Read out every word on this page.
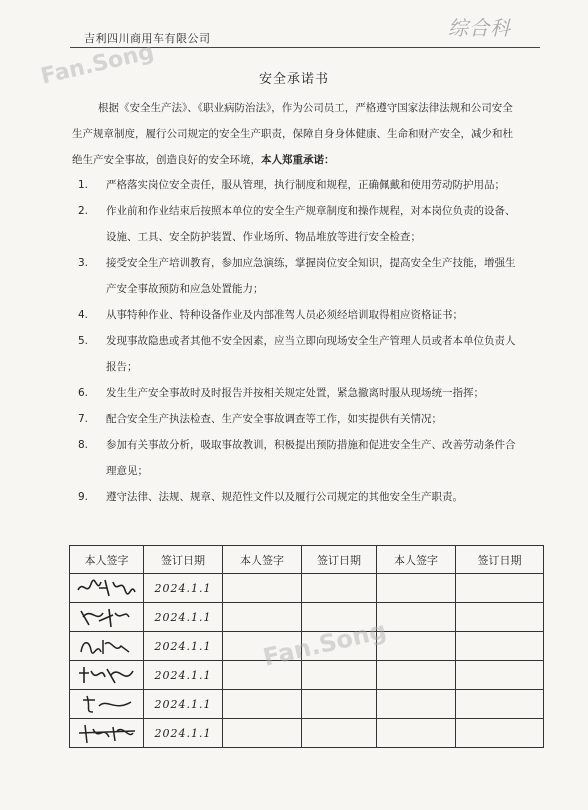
综合科
吉利四川商用车有限公司
Fan.Song	安全承诺书
根据《安全生产法》、《职业病防治法》，作为公司员工，严格遵守国家法律法规和公司安全生产规章制度，履行公司规定的安全生产职责，保障自身身体健康、生命和财产安全，减少和杜绝生产安全事故，创造良好的安全环境，本人郑重承诺：
1.	严格落实岗位安全责任，服从管理，执行制度和规程，正确佩戴和使用劳动防护用品；
2.	作业前和作业结束后按照本单位的安全生产规章制度和操作规程，对本岗位负责的设备、设施、工具、安全防护装置、作业场所、物品堆放等进行安全检查；
3.	接受安全生产培训教育，参加应急演练，掌握岗位安全知识，提高安全生产技能，增强生产安全事故预防和应急处置能力；
4.	从事特种作业、特种设备作业及内部准驾人员必须经培训取得相应资格证书；
5.	发现事故隐患或者其他不安全因素，应当立即向现场安全生产管理人员或者本单位负责人报告；
6.	发生生产安全事故时及时报告并按相关规定处置，紧急撤离时服从现场统一指挥；
7.	配合安全生产执法检查、生产安全事故调查等工作，如实提供有关情况；
8.	参加有关事故分析，吸取事故教训，积极提出预防措施和促进安全生产、改善劳动条件合理意见；
9.	遵守法律、法规、规章、规范性文件以及履行公司规定的其他安全生产职责。
本人签字	签订日期	本人签字	签订日期	本人签字	签订日期

	2024.1.1				

	2024.1.1				

	2024.1.1				

	2024.1.1				

	2024.1.1				

	2024.1.1				
Fan.Song
